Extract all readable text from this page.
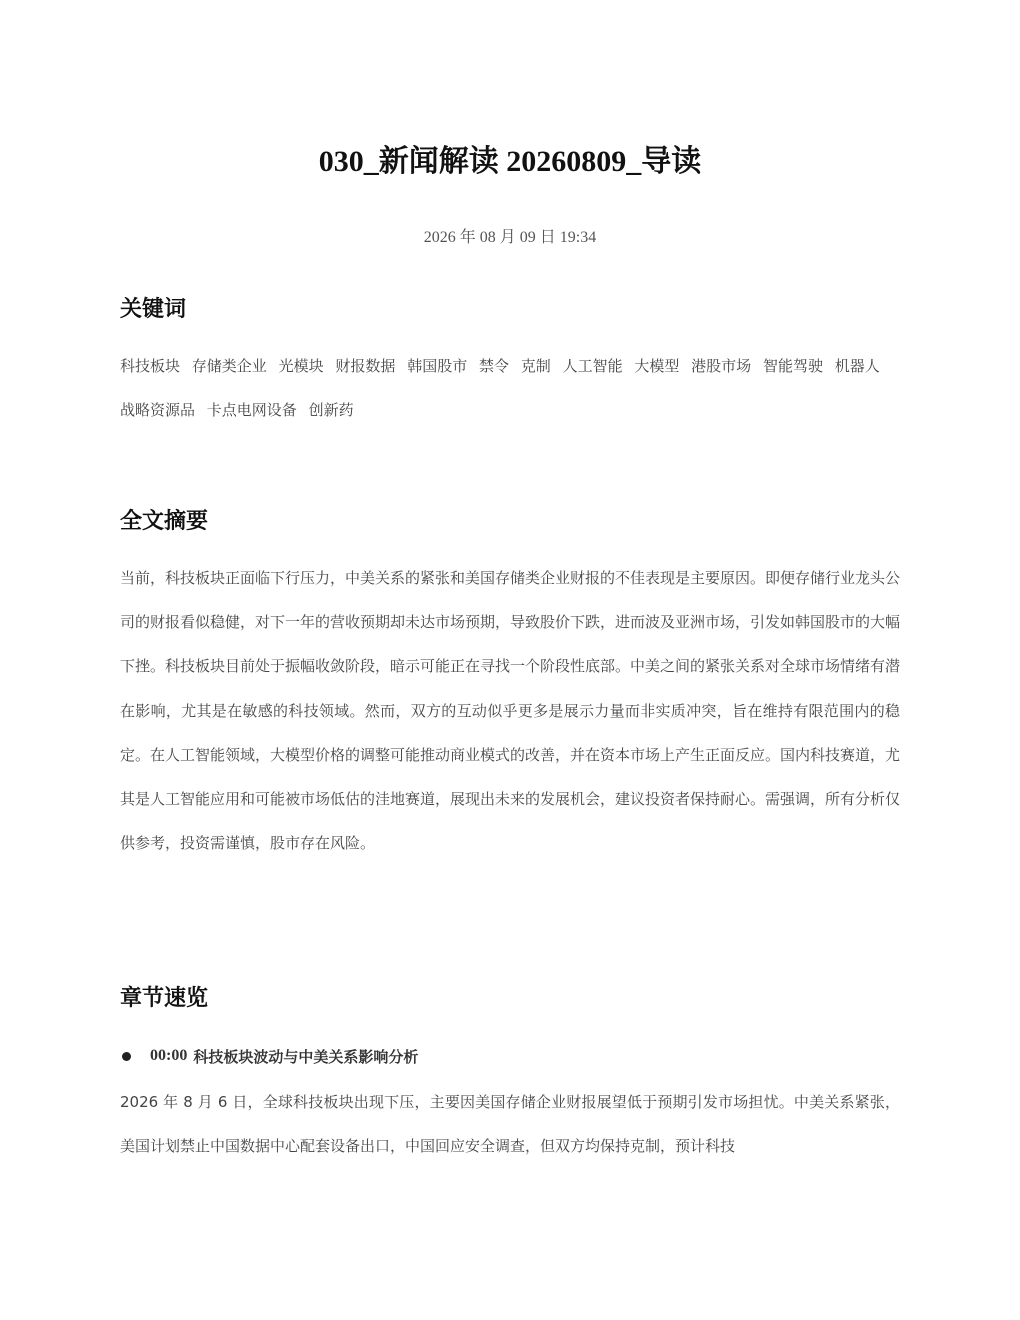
030_新闻解读 20260809_导读
2026 年 08 月 09 日 19:34
关键词
科技板块 存储类企业 光模块 财报数据 韩国股市 禁令 克制 人工智能 大模型 港股市场 智能驾驶 机器人 战略资源品 卡点电网设备 创新药
全文摘要

当前，科技板块正面临下行压力，中美关系的紧张和美国存储类企业财报的不佳表现是主要原因。即便存储行业龙头公司的财报看似稳健，对下一年的营收预期却未达市场预期，导致股价下跌，进而波及亚洲市场，引发如韩国股市的大幅下挫。科技板块目前处于振幅收敛阶段，暗示可能正在寻找一个阶段性底部。中美之间的紧张关系对全球市场情绪有潜在影响，尤其是在敏感的科技领域。然而，双方的互动似乎更多是展示力量而非实质冲突，旨在维持有限范围内的稳定。在人工智能领域，大模型价格的调整可能推动商业模式的改善，并在资本市场上产生正面反应。国内科技赛道，尤其是人工智能应用和可能被市场低估的洼地赛道，展现出未来的发展机会，建议投资者保持耐心。需强调，所有分析仅供参考，投资需谨慎，股市存在风险。

章节速览
00:00 科技板块波动与中美关系影响分析

2026 年 8 月 6 日，全球科技板块出现下压，主要因美国存储企业财报展望低于预期引发市场担忧。中美关系紧张，美国计划禁止中国数据中心配套设备出口，中国回应安全调查，但双方均保持克制，预计科技
